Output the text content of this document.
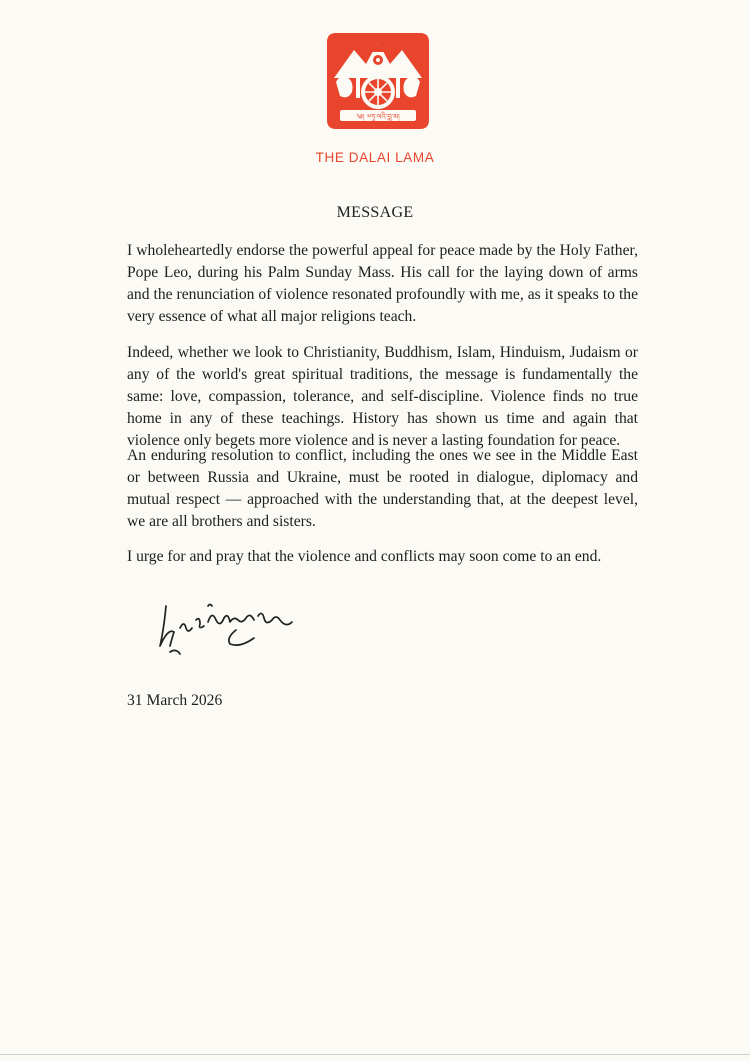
༄། ༧ཏཱ་ལའི་བླ་མ།
THE DALAI LAMA
MESSAGE

I wholeheartedly endorse the powerful appeal for peace made by the Holy Father, Pope Leo, during his Palm Sunday Mass. His call for the laying down of arms and the renunciation of violence resonated profoundly with me, as it speaks to the very essence of what all major religions teach.

Indeed, whether we look to Christianity, Buddhism, Islam, Hinduism, Judaism or any of the world's great spiritual traditions, the message is fundamentally the same: love, compassion, tolerance, and self-discipline. Violence finds no true home in any of these teachings. History has shown us time and again that violence only begets more violence and is never a lasting foundation for peace.

An enduring resolution to conflict, including the ones we see in the Middle East or between Russia and Ukraine, must be rooted in dialogue, diplomacy and mutual respect — approached with the understanding that, at the deepest level, we are all brothers and sisters.

I urge for and pray that the violence and conflicts may soon come to an end.

31 March 2026
